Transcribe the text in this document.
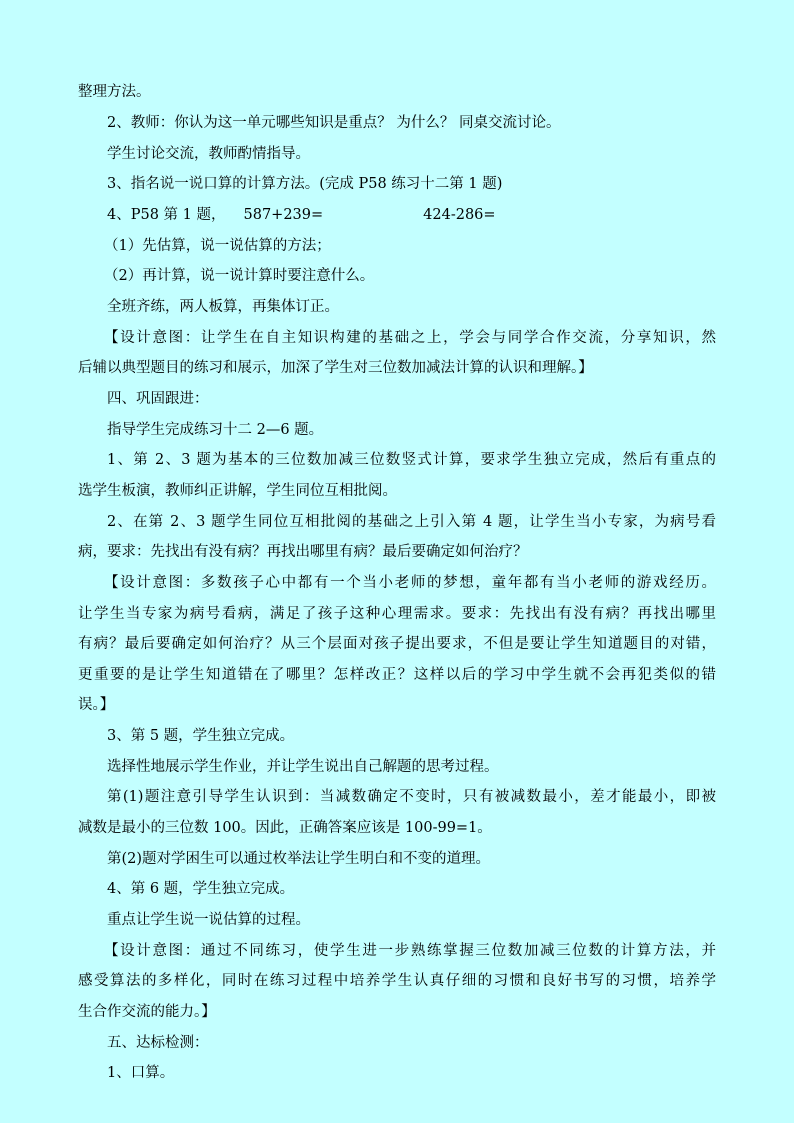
整理方法。
2、教师：你认为这一单元哪些知识是重点？ 为什么？ 同桌交流讨论。
学生讨论交流，教师酌情指导。
3、指名说一说口算的计算方法。(完成 P58 练习十二第 1 题)
4、P58 第 1 题， 587+239=	424-286=
（1）先估算，说一说估算的方法；
（2）再计算，说一说计算时要注意什么。
全班齐练，两人板算，再集体订正。
【设计意图：让学生在自主知识构建的基础之上，学会与同学合作交流，分享知识，然
后辅以典型题目的练习和展示，加深了学生对三位数加减法计算的认识和理解。】
四、巩固跟进：
指导学生完成练习十二 2—6 题。
1、第 2、3 题为基本的三位数加减三位数竖式计算，要求学生独立完成，然后有重点的
选学生板演，教师纠正讲解，学生同位互相批阅。
2、在第 2、3 题学生同位互相批阅的基础之上引入第 4 题，让学生当小专家，为病号看
病，要求：先找出有没有病？再找出哪里有病？最后要确定如何治疗？
【设计意图：多数孩子心中都有一个当小老师的梦想，童年都有当小老师的游戏经历。
让学生当专家为病号看病，满足了孩子这种心理需求。要求：先找出有没有病？再找出哪里
有病？最后要确定如何治疗？从三个层面对孩子提出要求，不但是要让学生知道题目的对错，
更重要的是让学生知道错在了哪里？怎样改正？这样以后的学习中学生就不会再犯类似的错
误。】
3、第 5 题，学生独立完成。
选择性地展示学生作业，并让学生说出自己解题的思考过程。
第(1)题注意引导学生认识到：当减数确定不变时，只有被减数最小，差才能最小，即被
减数是最小的三位数 100。因此，正确答案应该是 100-99=1。
第(2)题对学困生可以通过枚举法让学生明白和不变的道理。
4、第 6 题，学生独立完成。
重点让学生说一说估算的过程。
【设计意图：通过不同练习，使学生进一步熟练掌握三位数加减三位数的计算方法，并
感受算法的多样化，同时在练习过程中培养学生认真仔细的习惯和良好书写的习惯，培养学
生合作交流的能力。】
五、达标检测：
1、口算。
